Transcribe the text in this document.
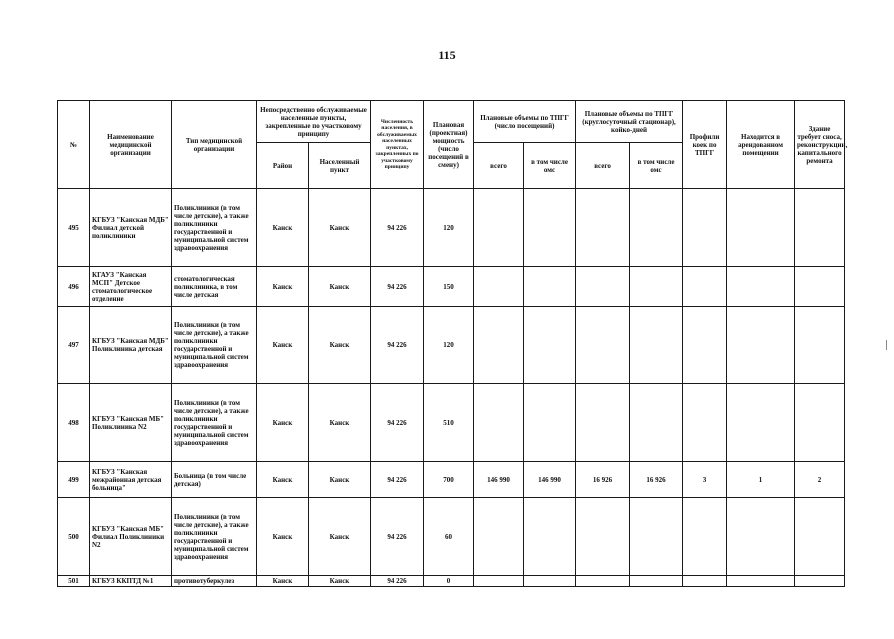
115
№	Наименование медицинской организации	Тип медицинской организации	Непосредственно обслуживаемые населенные пункты, закрепленные по участковому принципу		Численность населения, в обслуживаемых населенных пунктах, закрепленных по участковому принципу	Плановая (проектная) мощность (число посещений в смену)	Плановые объемы по ТПГГ (число посещений)		Плановые объемы по ТПГГ (круглосуточный стационар), койко-дней		Профили коек по ТПГГ	Находится в арендованном помещении	Здание требует сноса, реконструкции, капитального ремонта
			Район	Населенный пункт			всего	в том числе омс	всего	в том числе омс			
495	КГБУЗ "Канская МДБ" Филиал детской поликлиники	Поликлиники (в том числе детские), а также поликлиники государственной и муниципальной систем здравоохранения	Канск	Канск	94 226	120							
496	КГАУЗ "Канская МСП" Детское стоматологическое отделение	стоматологическая поликлиника, в том числе детская	Канск	Канск	94 226	150							
497	КГБУЗ "Канская МДБ" Поликлиника детская	Поликлиники (в том числе детские), а также поликлиники государственной и муниципальной систем здравоохранения	Канск	Канск	94 226	120							
498	КГБУЗ "Канская МБ" Поликлиника N2	Поликлиники (в том числе детские), а также поликлиники государственной и муниципальной систем здравоохранения	Канск	Канск	94 226	510							
499	КГБУЗ "Канская межрайонная детская больница"	Больница (в том числе детская)	Канск	Канск	94 226	700	146 990	146 990	16 926	16 926	3	1	2
500	КГБУЗ "Канская МБ" Филиал Поликлиники N2	Поликлиники (в том числе детские), а также поликлиники государственной и муниципальной систем здравоохранения	Канск	Канск	94 226	60							
501	КГБУЗ ККПТД №1	противотуберкулез	Канск	Канск	94 226	0							
